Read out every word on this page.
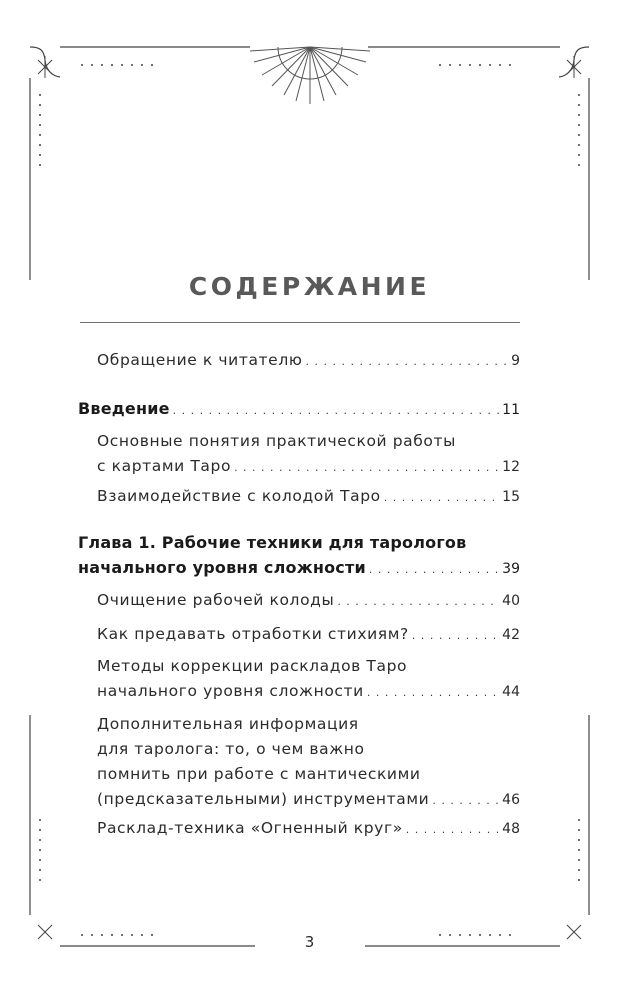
СОДЕРЖАНИЕ
Обращение к читателю . . .	9
Введение . . .	11
Основные понятия практической работы
с картами Таро . . .	12
Взаимодействие с колодой Таро . . .	15
Глава 1. Рабочие техники для тарологов
начального уровня сложности . . .	39
Очищение рабочей колоды . . .	40
Как предавать отработки стихиям? . . .	42
Методы коррекции раскладов Таро
начального уровня сложности . . .	44
Дополнительная информация
для таролога: то, о чем важно
помнить при работе с мантическими
(предсказательными) инструментами . . .	46
Расклад-техника «Огненный круг» . . .	48
3
